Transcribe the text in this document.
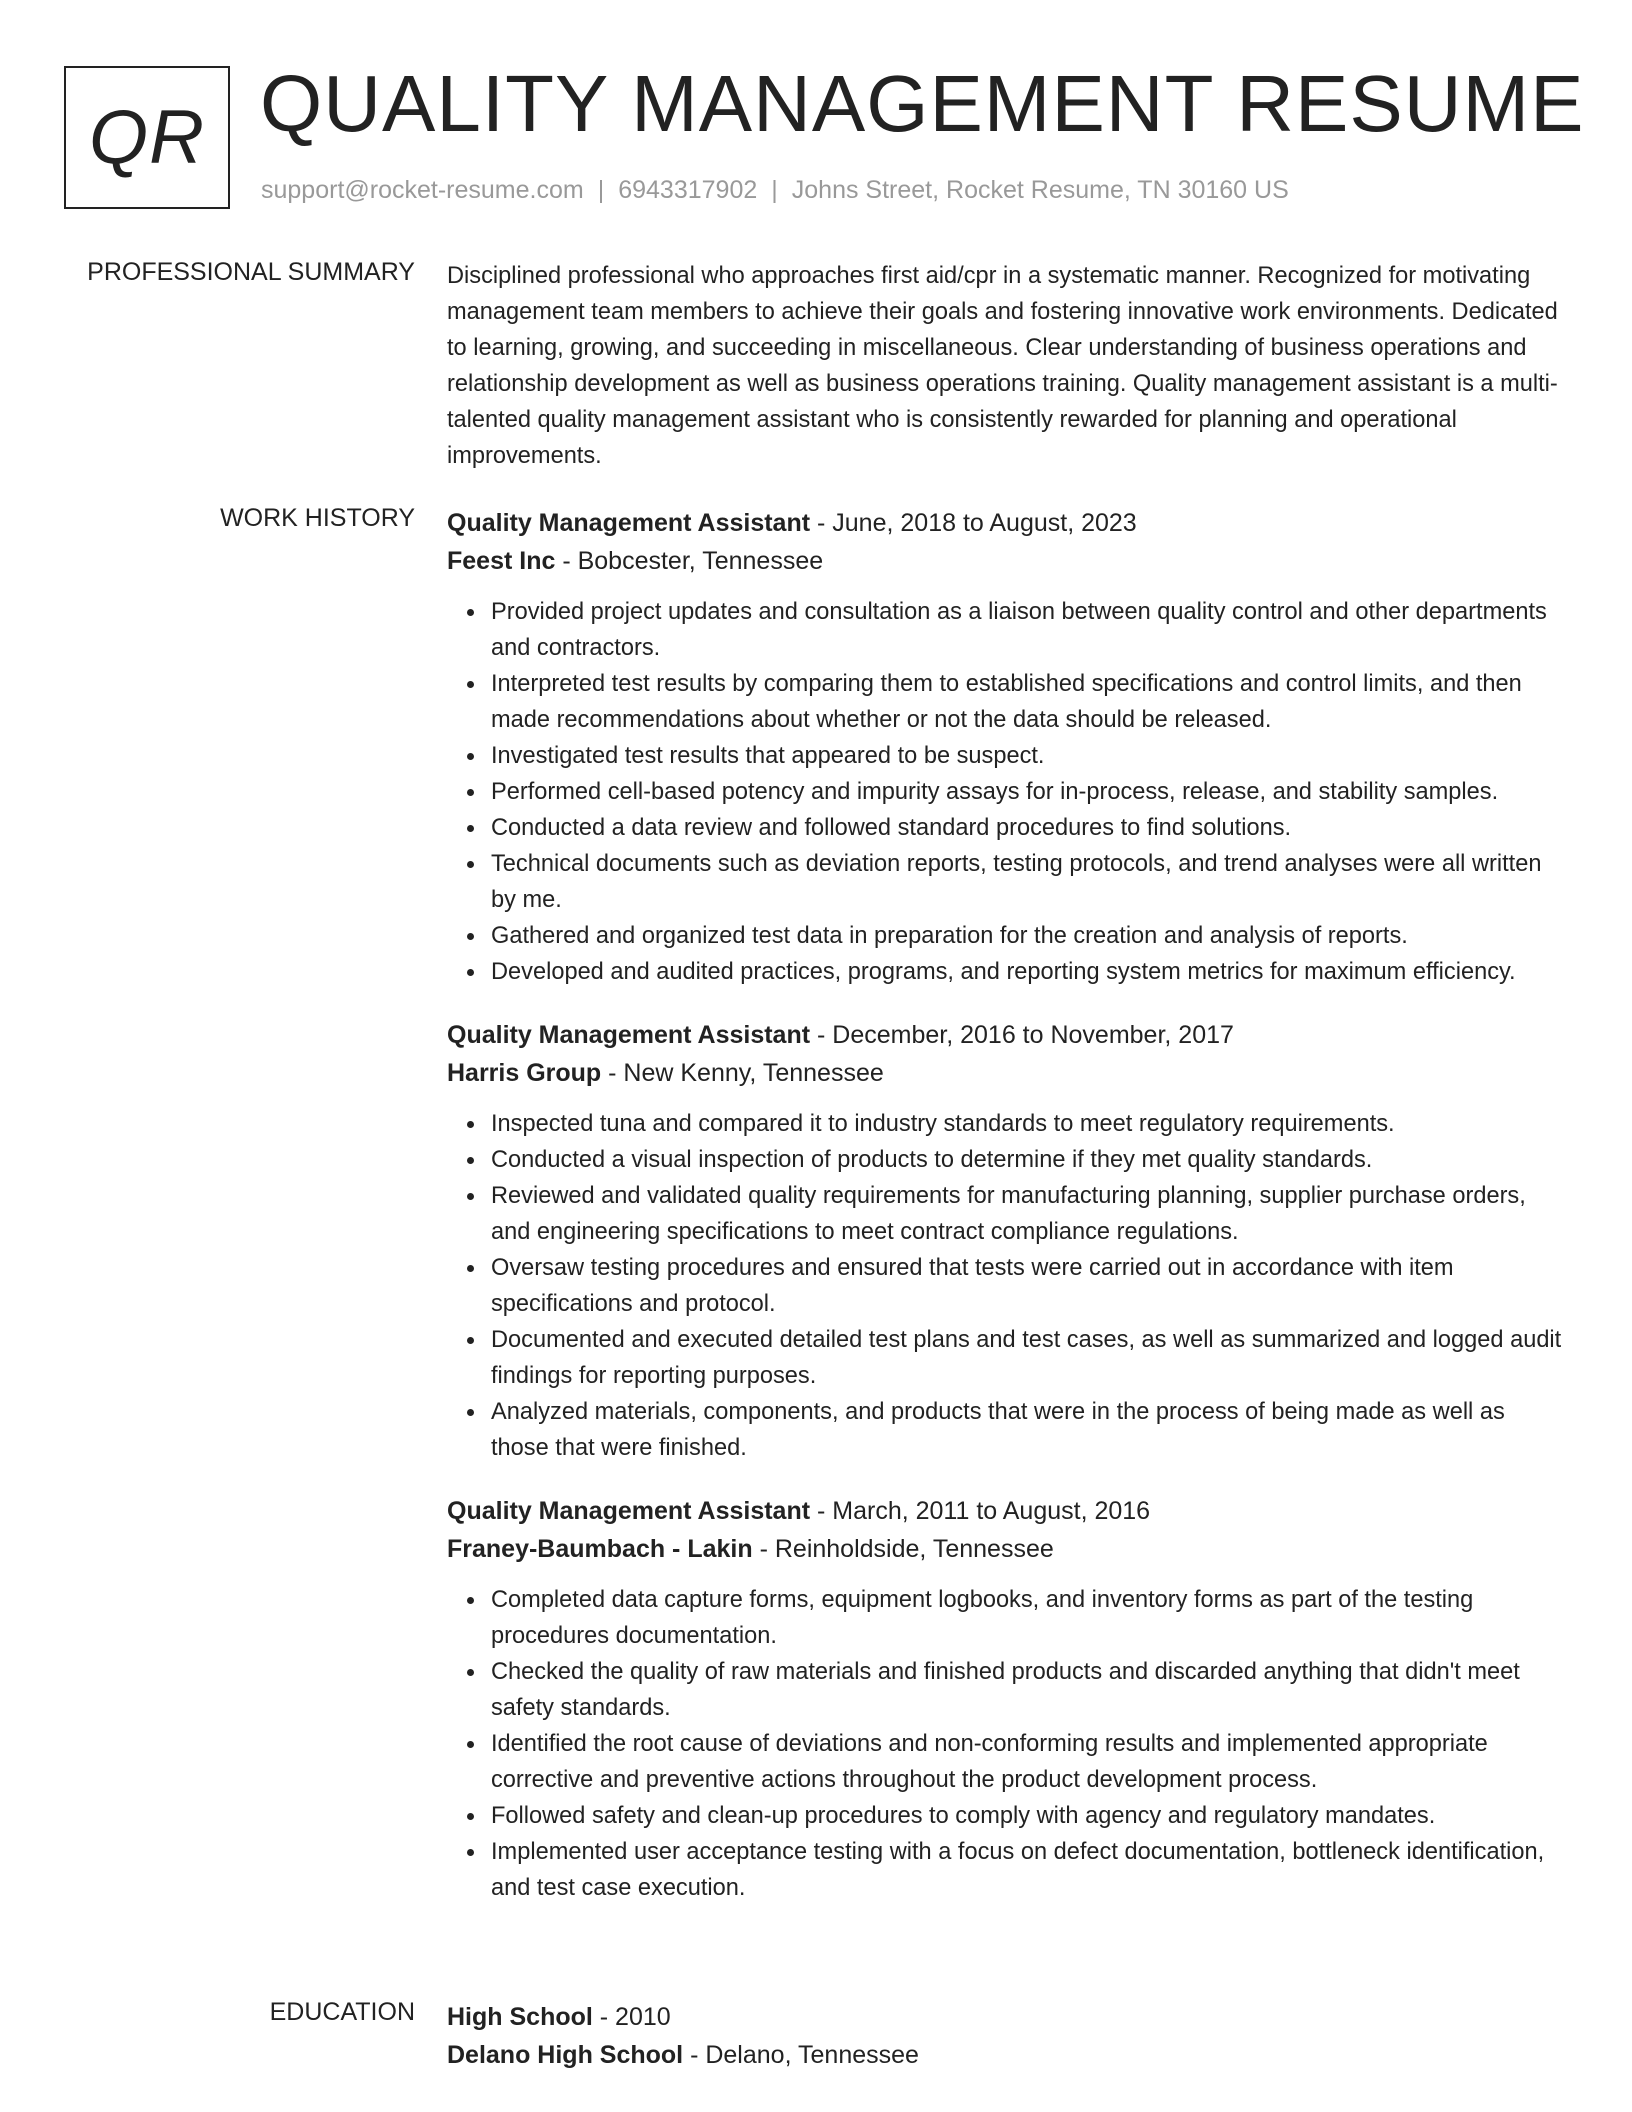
QR QUALITY MANAGEMENT RESUME
support@rocket-resume.com | 6943317902 | Johns Street, Rocket Resume, TN 30160 US
PROFESSIONAL SUMMARY Disciplined professional who approaches first aid/cpr in a systematic manner. Recognized for motivating management team members to achieve their goals and fostering innovative work environments. Dedicated to learning, growing, and succeeding in miscellaneous. Clear understanding of business operations and relationship development as well as business operations training. Quality management assistant is a multi-talented quality management assistant who is consistently rewarded for planning and operational improvements.

WORK HISTORY Quality Management Assistant - June, 2018 to August, 2023
Feest Inc - Bobcester, Tennessee
Provided project updates and consultation as a liaison between quality control and other departments and contractors.
Interpreted test results by comparing them to established specifications and control limits, and then made recommendations about whether or not the data should be released.
Investigated test results that appeared to be suspect.
Performed cell-based potency and impurity assays for in-process, release, and stability samples.
Conducted a data review and followed standard procedures to find solutions.
Technical documents such as deviation reports, testing protocols, and trend analyses were all written by me.
Gathered and organized test data in preparation for the creation and analysis of reports.
Developed and audited practices, programs, and reporting system metrics for maximum efficiency.
Quality Management Assistant - December, 2016 to November, 2017
Harris Group - New Kenny, Tennessee
Inspected tuna and compared it to industry standards to meet regulatory requirements.
Conducted a visual inspection of products to determine if they met quality standards.
Reviewed and validated quality requirements for manufacturing planning, supplier purchase orders, and engineering specifications to meet contract compliance regulations.
Oversaw testing procedures and ensured that tests were carried out in accordance with item specifications and protocol.
Documented and executed detailed test plans and test cases, as well as summarized and logged audit findings for reporting purposes.
Analyzed materials, components, and products that were in the process of being made as well as those that were finished.
Quality Management Assistant - March, 2011 to August, 2016
Franey-Baumbach - Lakin - Reinholdside, Tennessee
Completed data capture forms, equipment logbooks, and inventory forms as part of the testing procedures documentation.
Checked the quality of raw materials and finished products and discarded anything that didn't meet safety standards.
Identified the root cause of deviations and non-conforming results and implemented appropriate corrective and preventive actions throughout the product development process.
Followed safety and clean-up procedures to comply with agency and regulatory mandates.
Implemented user acceptance testing with a focus on defect documentation, bottleneck identification, and test case execution.
EDUCATION High School - 2010
Delano High School - Delano, Tennessee
